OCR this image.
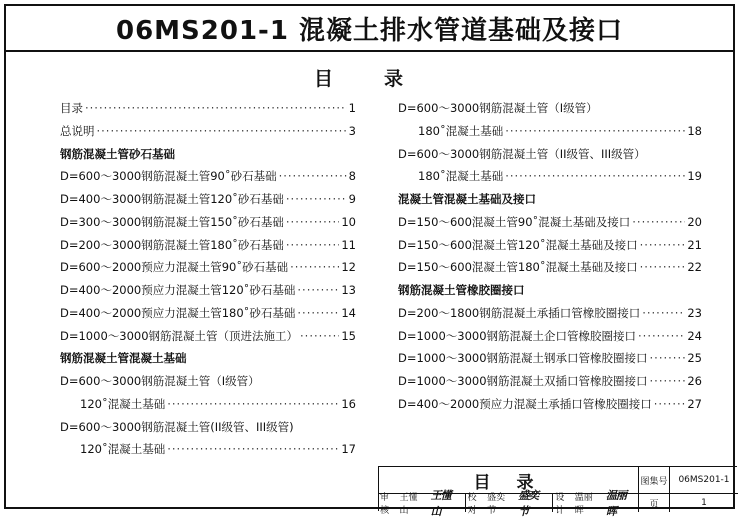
06MS201-1 混凝土排水管道基础及接口
目	录
目录 ·····	1
总说明 ·····	3
钢筋混凝土管砂石基础
D=600～3000钢筋混凝土管90˚砂石基础 ·····	8
D=400～3000钢筋混凝土管120˚砂石基础 ·····	9
D=300～3000钢筋混凝土管150˚砂石基础 ·····	10
D=200～3000钢筋混凝土管180˚砂石基础 ·····	11
D=600～2000预应力混凝土管90˚砂石基础 ·····	12
D=400～2000预应力混凝土管120˚砂石基础 ·····	13
D=400～2000预应力混凝土管180˚砂石基础 ·····	14
D=1000～3000钢筋混凝土管（顶进法施工） ·····	15
钢筋混凝土管混凝土基础
D=600～3000钢筋混凝土管（I级管）
120˚混凝土基础 ·····	16
D=600～3000钢筋混凝土管(II级管、III级管)
120˚混凝土基础 ·····	17
D=600～3000钢筋混凝土管（I级管）
180˚混凝土基础 ·····	18
D=600～3000钢筋混凝土管（II级管、III级管）
180˚混凝土基础 ·····	19
混凝土管混凝土基础及接口
D=150～600混凝土管90˚混凝土基础及接口 ·····	20
D=150～600混凝土管120˚混凝土基础及接口 ·····	21
D=150～600混凝土管180˚混凝土基础及接口 ·····	22
钢筋混凝土管橡胶圈接口
D=200～1800钢筋混凝土承插口管橡胶圈接口 ·····	23
D=1000～3000钢筋混凝土企口管橡胶圈接口 ·····	24
D=1000～3000钢筋混凝土钢承口管橡胶圈接口 ·····	25
D=1000～3000钢筋混凝土双插口管橡胶圈接口 ·····	26
D=400～2000预应力混凝土承插口管橡胶圈接口 ·····	27
目 录	图集号	06MS201-1
审核
王懂山
王懂山
校对
盛奕节
盛奕节
设计
温丽晖
温丽晖
页	1
